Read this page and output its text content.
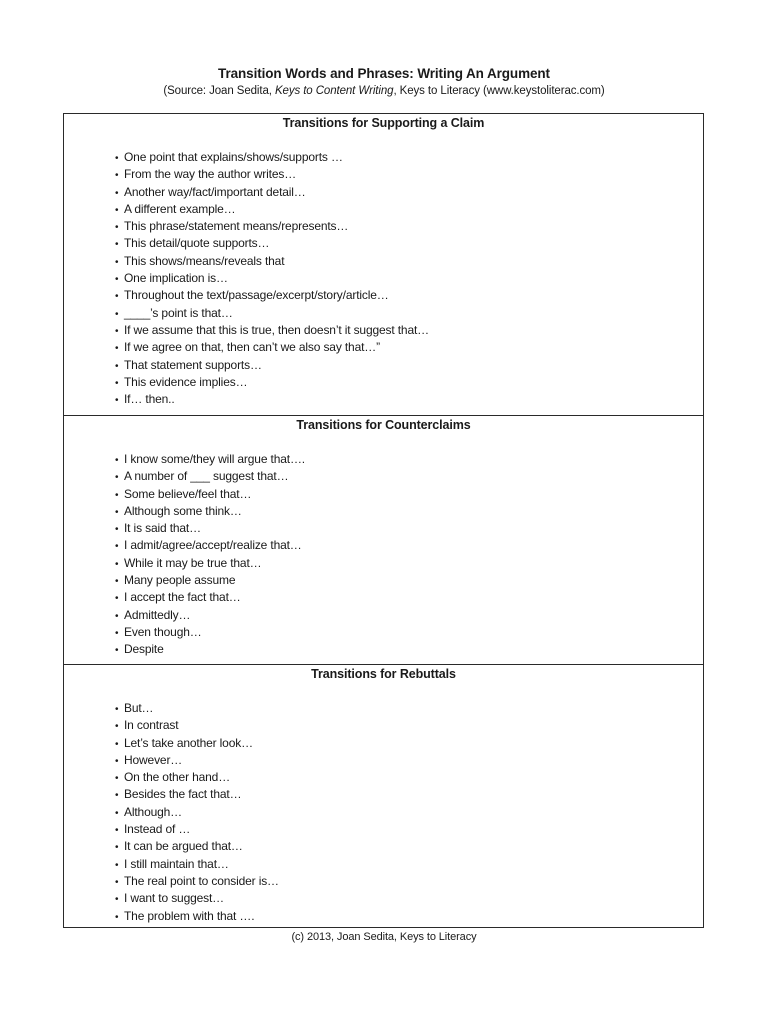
Transition Words and Phrases: Writing An Argument
(Source: Joan Sedita, Keys to Content Writing, Keys to Literacy (www.keystoliterac.com)
Transitions for Supporting a Claim
• One point that explains/shows/supports …
• From the way the author writes…
• Another way/fact/important detail…
• A different example…
• This phrase/statement means/represents…
• This detail/quote supports…
• This shows/means/reveals that
• One implication is…
• Throughout the text/passage/excerpt/story/article…
• ____’s point is that…
• If we assume that this is true, then doesn’t it suggest that…
• If we agree on that, then can’t we also say that…”
• That statement supports…
• This evidence implies…
• If… then..
Transitions for Counterclaims
• I know some/they will argue that….
• A number of ___ suggest that…
• Some believe/feel that…
• Although some think…
• It is said that…
• I admit/agree/accept/realize that…
• While it may be true that…
• Many people assume
• I accept the fact that…
• Admittedly…
• Even though…
• Despite
Transitions for Rebuttals
• But…
• In contrast
• Let’s take another look…
• However…
• On the other hand…
• Besides the fact that…
• Although…
• Instead of …
• It can be argued that…
• I still maintain that…
• The real point to consider is…
• I want to suggest…
• The problem with that ….
(c) 2013, Joan Sedita, Keys to Literacy
